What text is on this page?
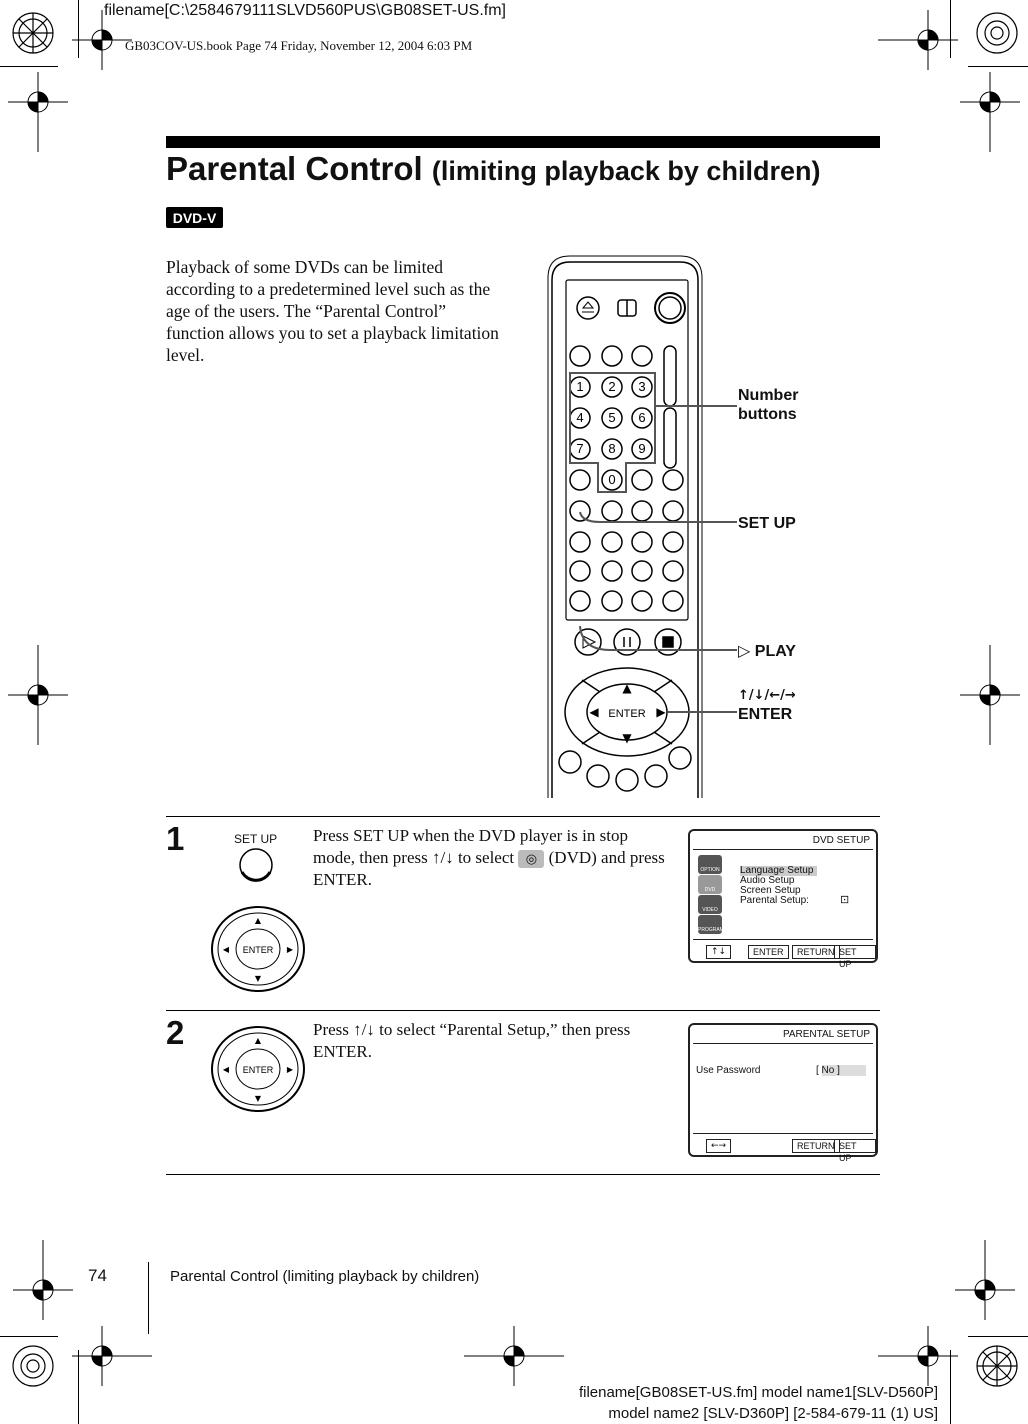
filename[C:\2584679111SLVD560PUS\GB08SET-US.fm]
GB03COV-US.book Page 74 Friday, November 12, 2004 6:03 PM
Parental Control (limiting playback by children)
DVD-V
Playback of some DVDs can be limited according to a predetermined level such as the age of the users. The “Parental Control” function allows you to set a playback limitation level.
1 2 3
4 5 6
7 8 9
0
ENTER
▲
▼
◀	▶
Number
buttons
SET UP
▷ PLAY
↑/↓/←/→
ENTER
1	SET UP
▲
▼
◀	▶
ENTER
Press SET UP when the DVD player is in stop mode, then press ↑/↓ to select ◎ (DVD) and press ENTER.
DVD SETUP
OPTION
DVD
VIDEO
PROGRAM
Language Setup
Audio Setup
Screen Setup
Parental Setup:	⊡
↑↓	ENTER	RETURN SET UP
2	▲
▼
◀	▶
ENTER
Press ↑/↓ to select “Parental Setup,” then press ENTER.
PARENTAL SETUP
Use Password	[ No ]
←→	RETURN SET UP
74	Parental Control (limiting playback by children)
filename[GB08SET-US.fm] model name1[SLV-D560P]
model name2 [SLV-D360P] [2-584-679-11 (1) US]
